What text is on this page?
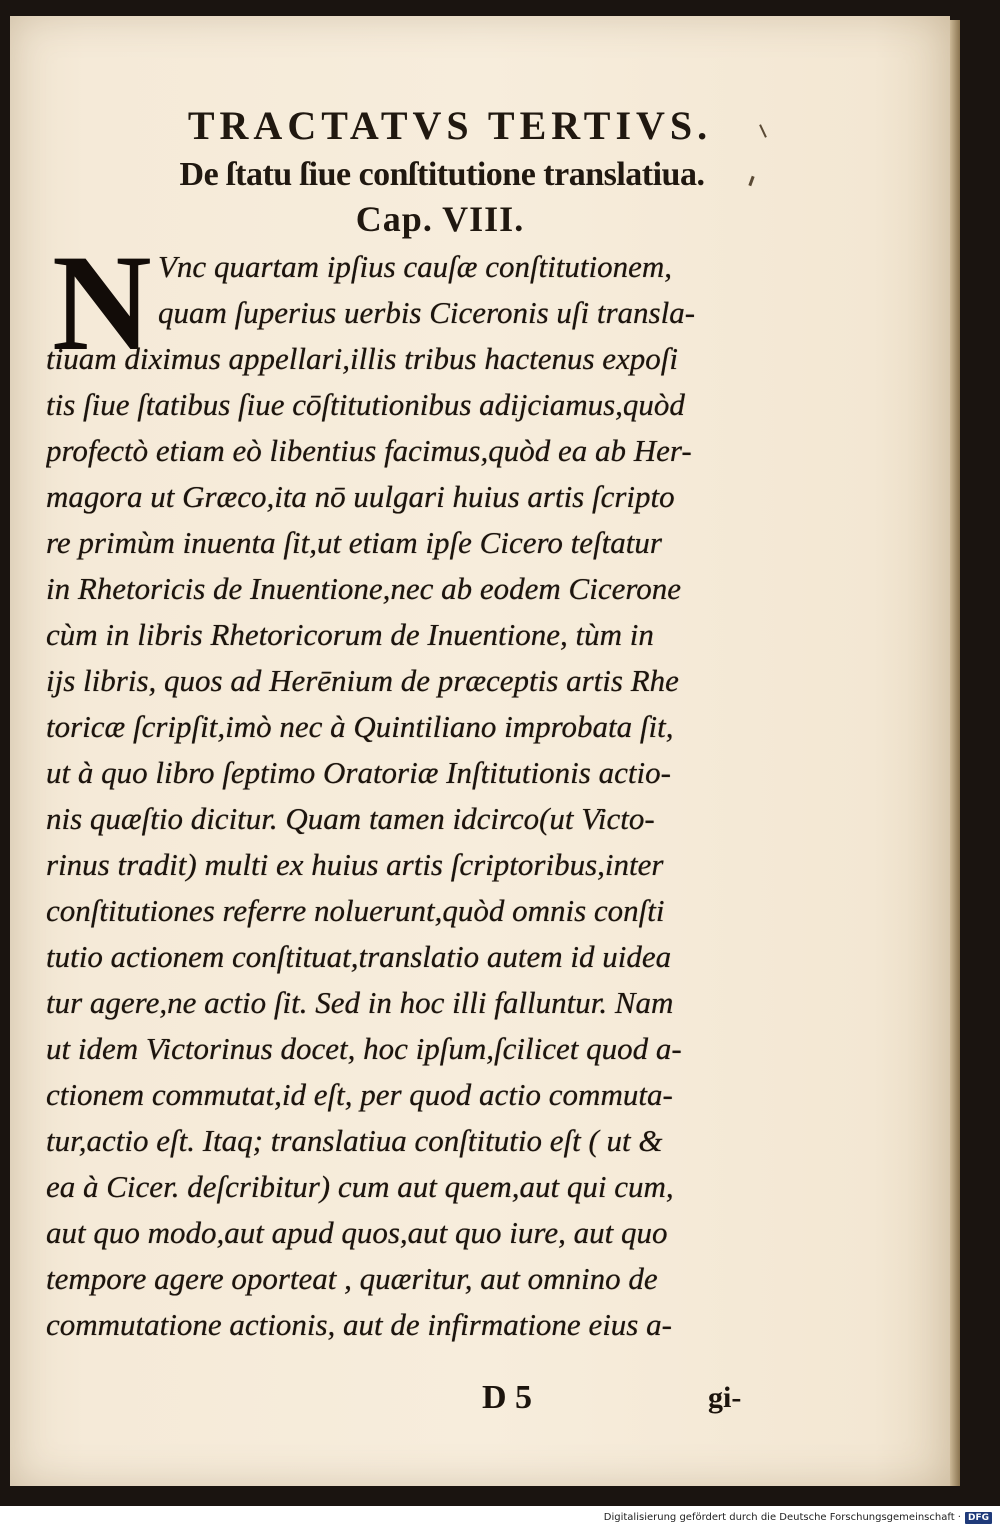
TRACTATVS TERTIVS.
De ſtatu ſiue conſtitutione translatiua.
Cap. VIII.
N Vnc quartam ipſius cauſæ conſtitutionem,
quam ſuperius uerbis Ciceronis uſi transla-
tiuam diximus appellari,illis tribus hactenus expoſi
tis ſiue ſtatibus ſiue cōſtitutionibus adijciamus,quòd
profectò etiam eò libentius facimus,quòd ea ab Her-
magora ut Græco,ita nō uulgari huius artis ſcripto
re primùm inuenta ſit,ut etiam ipſe Cicero teſtatur
in Rhetoricis de Inuentione,nec ab eodem Cicerone
cùm in libris Rhetoricorum de Inuentione, tùm in
ijs libris, quos ad Herēnium de præceptis artis Rhe
toricæ ſcripſit,imò nec à Quintiliano improbata ſit,
ut à quo libro ſeptimo Oratoriæ Inſtitutionis actio-
nis quæſtio dicitur. Quam tamen idcirco(ut Victo-
rinus tradit) multi ex huius artis ſcriptoribus,inter
conſtitutiones referre noluerunt,quòd omnis conſti
tutio actionem conſtituat,translatio autem id uidea
tur agere,ne actio ſit. Sed in hoc illi falluntur. Nam
ut idem Victorinus docet, hoc ipſum,ſcilicet quod a-
ctionem commutat,id eſt, per quod actio commuta-
tur,actio eſt. Itaq; translatiua conſtitutio eſt ( ut &
ea à Cicer. deſcribitur) cum aut quem,aut qui cum,
aut quo modo,aut apud quos,aut quo iure, aut quo
tempore agere oporteat , quæritur, aut omnino de
commutatione actionis, aut de infirmatione eius a-
D 5	gi-
Digitalisierung gefördert durch die Deutsche Forschungsgemeinschaft · DFG
